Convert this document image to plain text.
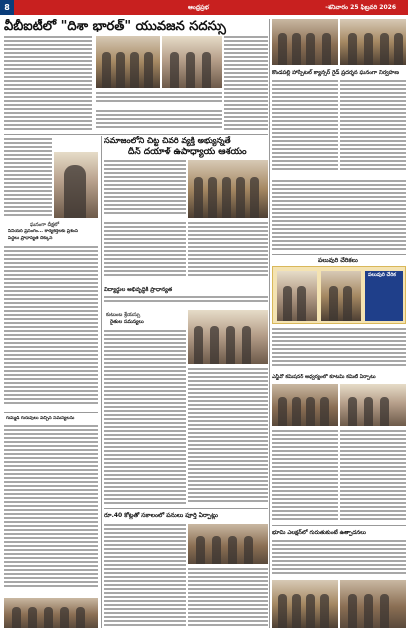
8	ఆంధ్రప్రభ	-శనివారం 25 ఫిబ్రవరి 2026
వీబీఐటీలో "దిశా భారత్" యువజన సదస్సు
కొండపల్లి హాస్పిటల్ క్యాన్సర్ గైడ్ ప్రదర్శన ఘనంగా నిర్వహణ
సమాజంలోని చిట్ట చివరి వ్యక్తి అభ్యున్నతే
దీన్ దయాళ్ ఉపాధ్యాయ ఆశయం
ఘనంగా దీక్షలో
సీనియర్ ప్రసంగం... కార్యకర్తలకు ప్రశంస
పెద్దలు ప్రాధాన్యత దిక్కున
గుమ్మడి గురువులు వచ్చిన సమస్యలను
విద్యార్థుల అభివృద్ధికి ప్రాధాన్యత
కుటుంబ శ్రేయస్సు
రైతుల సమస్యలు
రూ.40 కోట్లతో సకాలంలో పనులు పూర్తి ఏర్పాట్లు
పలువురి చేరికలు
పలువురి చేరిక
ఎన్జీవో కమిషనర్ ఆధ్వర్యంలో కూటమి కమిటీ ఏర్పాటు
భూమి ఎలక్షన్‌లో గురుతుకుంటే ఉత్పాదనలు
